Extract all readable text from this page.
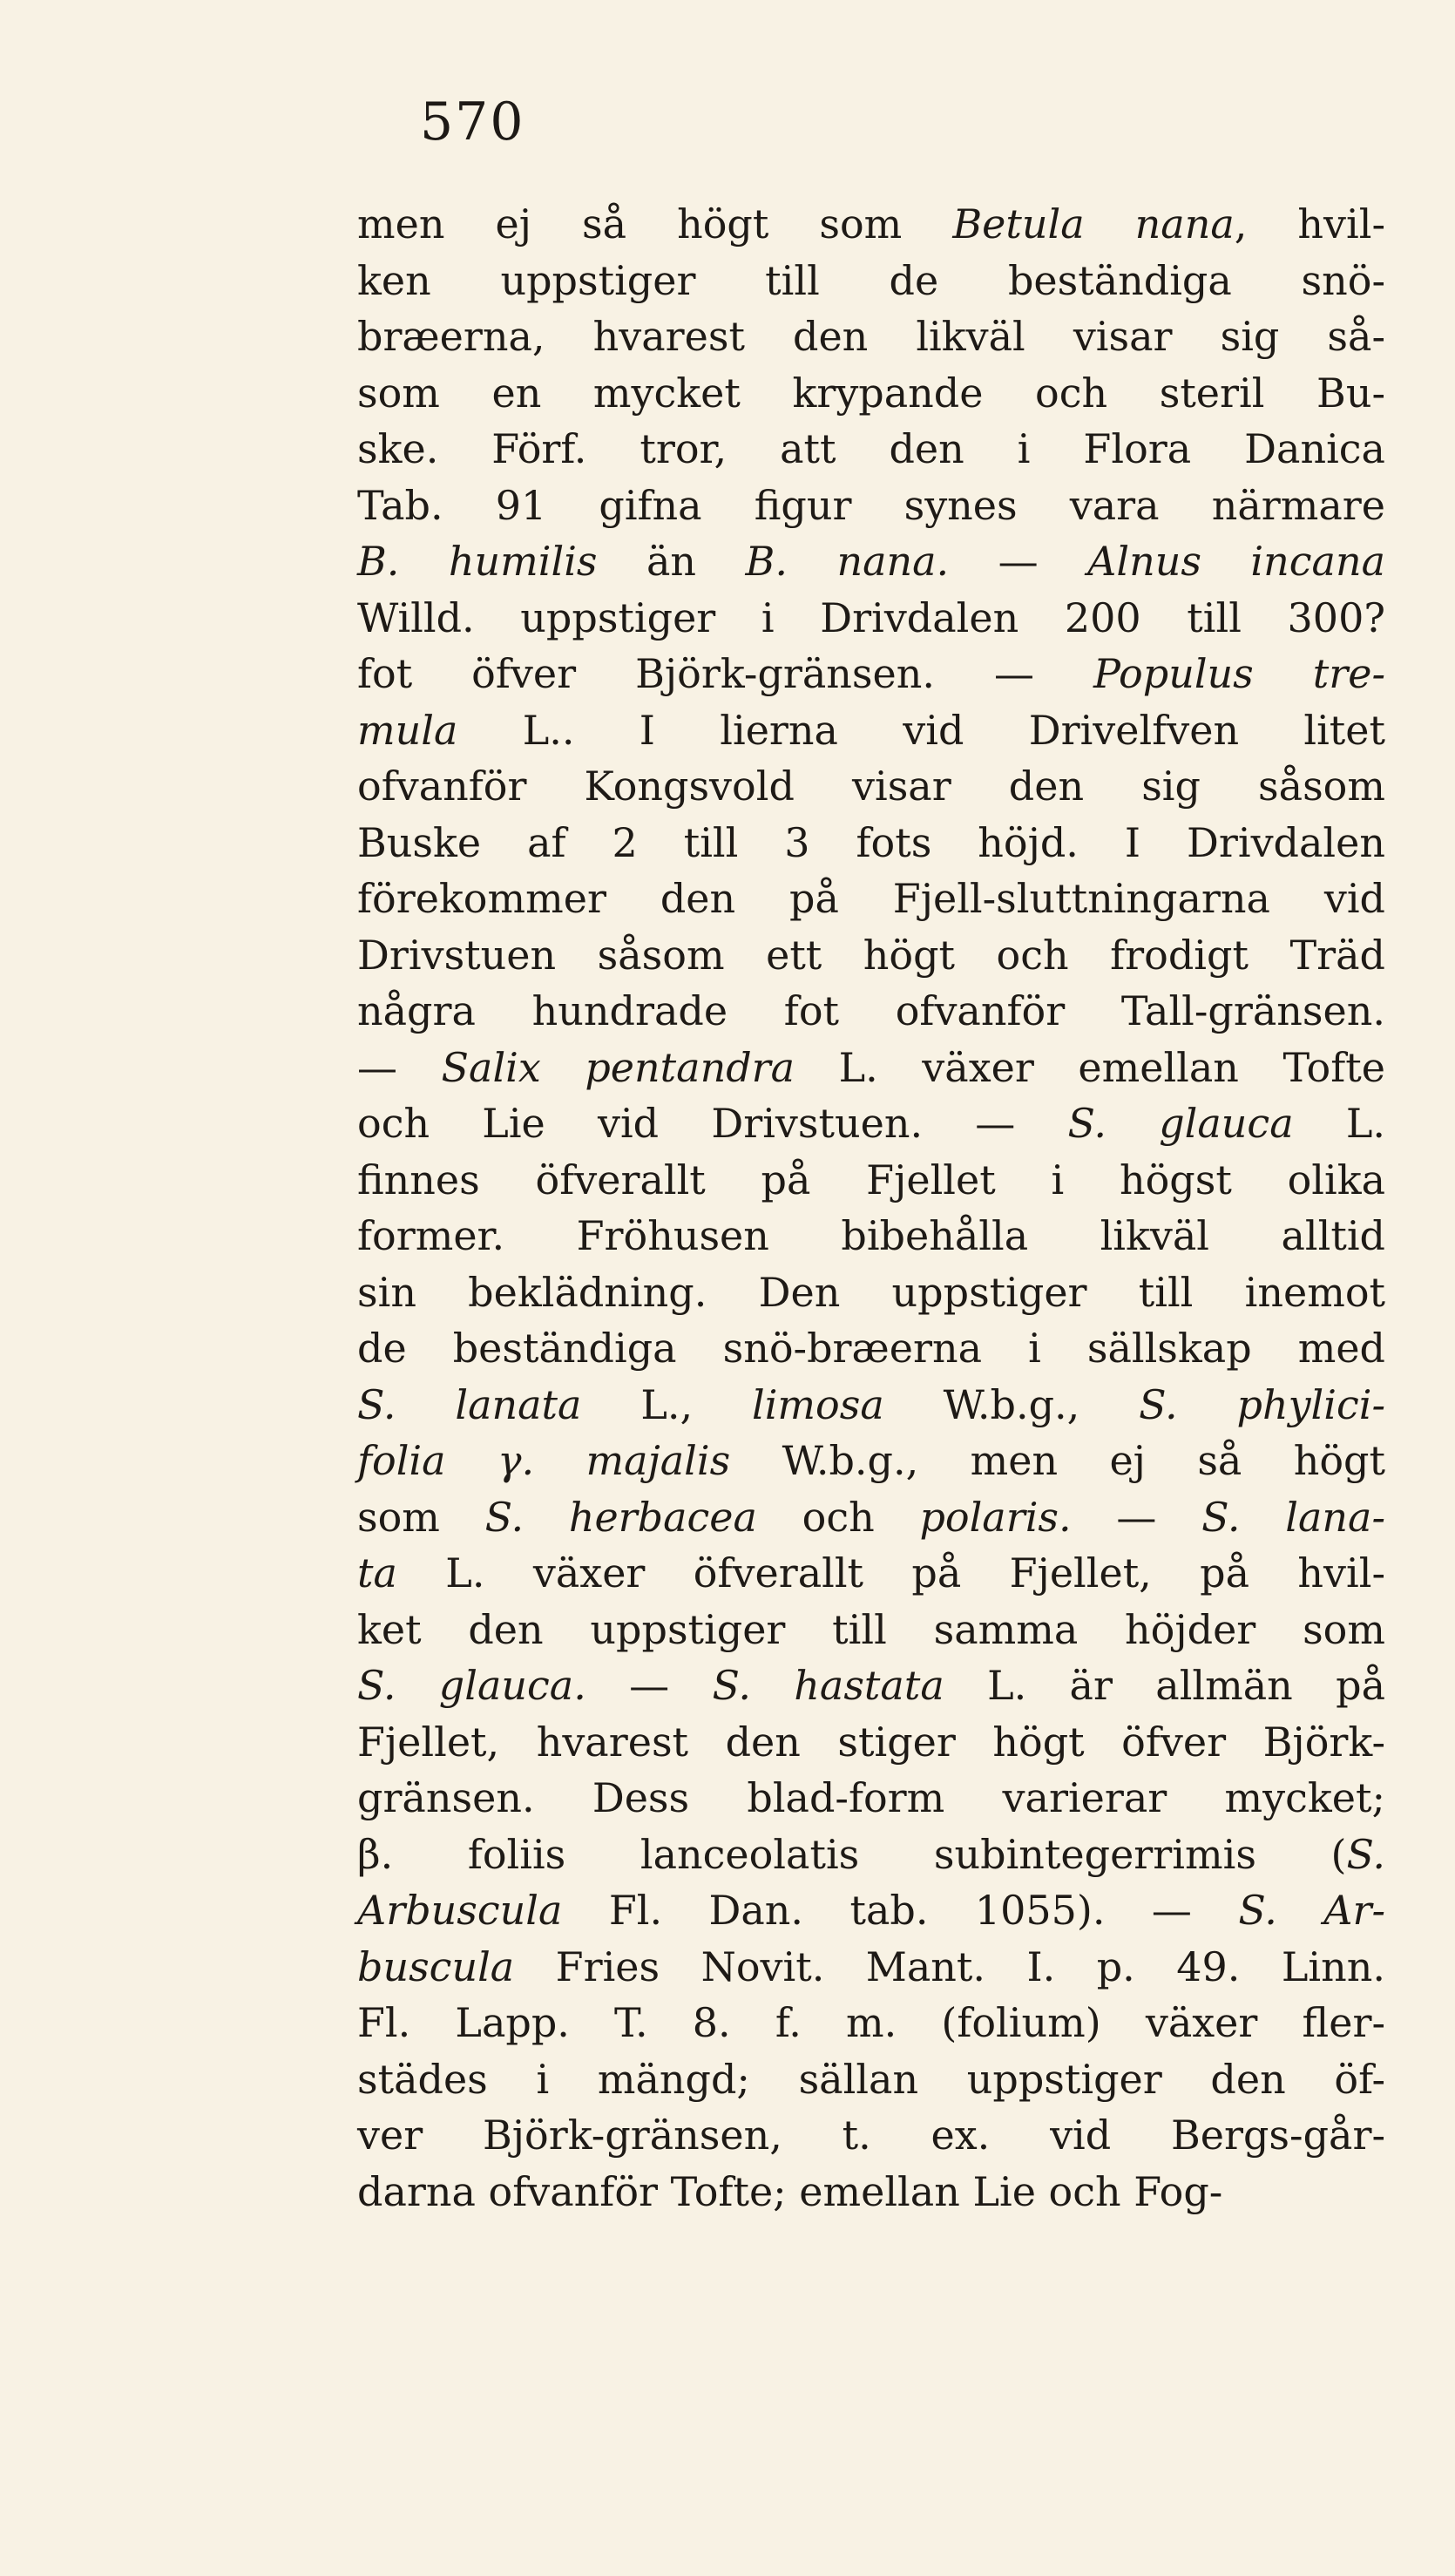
570
men ej så högt som Betula nana, hvil-
ken uppstiger till de beständiga snö-
bræerna, hvarest den likväl visar sig så-
som en mycket krypande och steril Bu-
ske. Förf. tror, att den i Flora Danica
Tab. 91 gifna figur synes vara närmare
B. humilis än B. nana. — Alnus incana
Willd. uppstiger i Drivdalen 200 till 300?
fot öfver Björk-gränsen. — Populus tre-
mula L.. I lierna vid Drivelfven litet
ofvanför Kongsvold visar den sig såsom
Buske af 2 till 3 fots höjd. I Drivdalen
förekommer den på Fjell-sluttningarna vid
Drivstuen såsom ett högt och frodigt Träd
några hundrade fot ofvanför Tall-gränsen.
— Salix pentandra L. växer emellan Tofte
och Lie vid Drivstuen. — S. glauca L.
finnes öfverallt på Fjellet i högst olika
former. Fröhusen bibehålla likväl alltid
sin beklädning. Den uppstiger till inemot
de beständiga snö-bræerna i sällskap med
S. lanata L., limosa W.b.g., S. phylici-
folia γ. majalis W.b.g., men ej så högt
som S. herbacea och polaris. — S. lana-
ta L. växer öfverallt på Fjellet, på hvil-
ket den uppstiger till samma höjder som
S. glauca. — S. hastata L. är allmän på
Fjellet, hvarest den stiger högt öfver Björk-
gränsen. Dess blad-form varierar mycket;
β. foliis lanceolatis subintegerrimis (S.
Arbuscula Fl. Dan. tab. 1055). — S. Ar-
buscula Fries Novit. Mant. I. p. 49. Linn.
Fl. Lapp. T. 8. f. m. (folium) växer fler-
städes i mängd; sällan uppstiger den öf-
ver Björk-gränsen, t. ex. vid Bergs-går-
darna ofvanför Tofte; emellan Lie och Fog-
